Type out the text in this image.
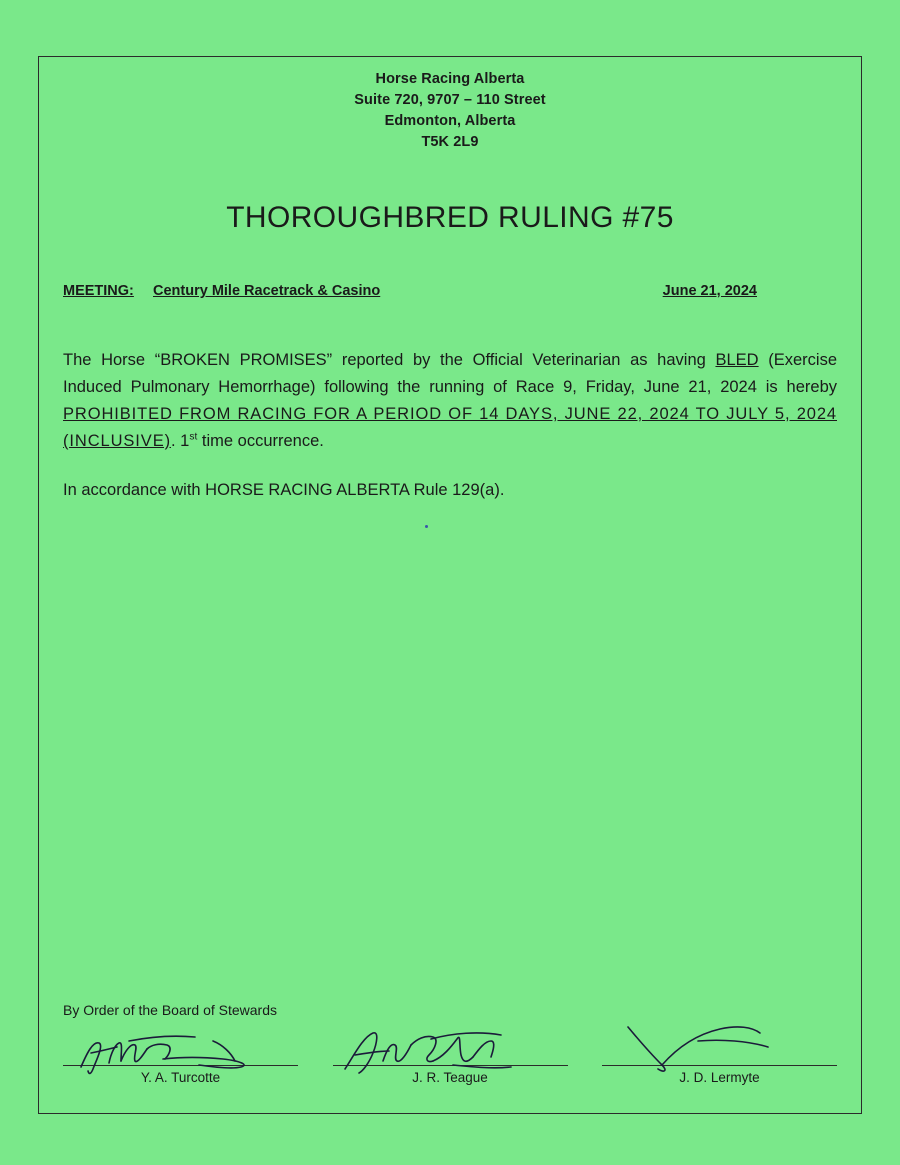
Horse Racing Alberta
Suite 720, 9707 – 110 Street
Edmonton, Alberta
T5K 2L9
THOROUGHBRED RULING #75
MEETING: Century Mile Racetrack & Casino	June 21, 2024

The Horse “BROKEN PROMISES” reported by the Official Veterinarian as having BLED (Exercise Induced Pulmonary Hemorrhage) following the running of Race 9, Friday, June 21, 2024 is hereby PROHIBITED FROM RACING FOR A PERIOD OF 14 DAYS, JUNE 22, 2024 TO JULY 5, 2024 (INCLUSIVE). 1st time occurrence.

In accordance with HORSE RACING ALBERTA Rule 129(a).

By Order of the Board of Stewards
Y. A. Turcotte	J. R. Teague	J. D. Lermyte
